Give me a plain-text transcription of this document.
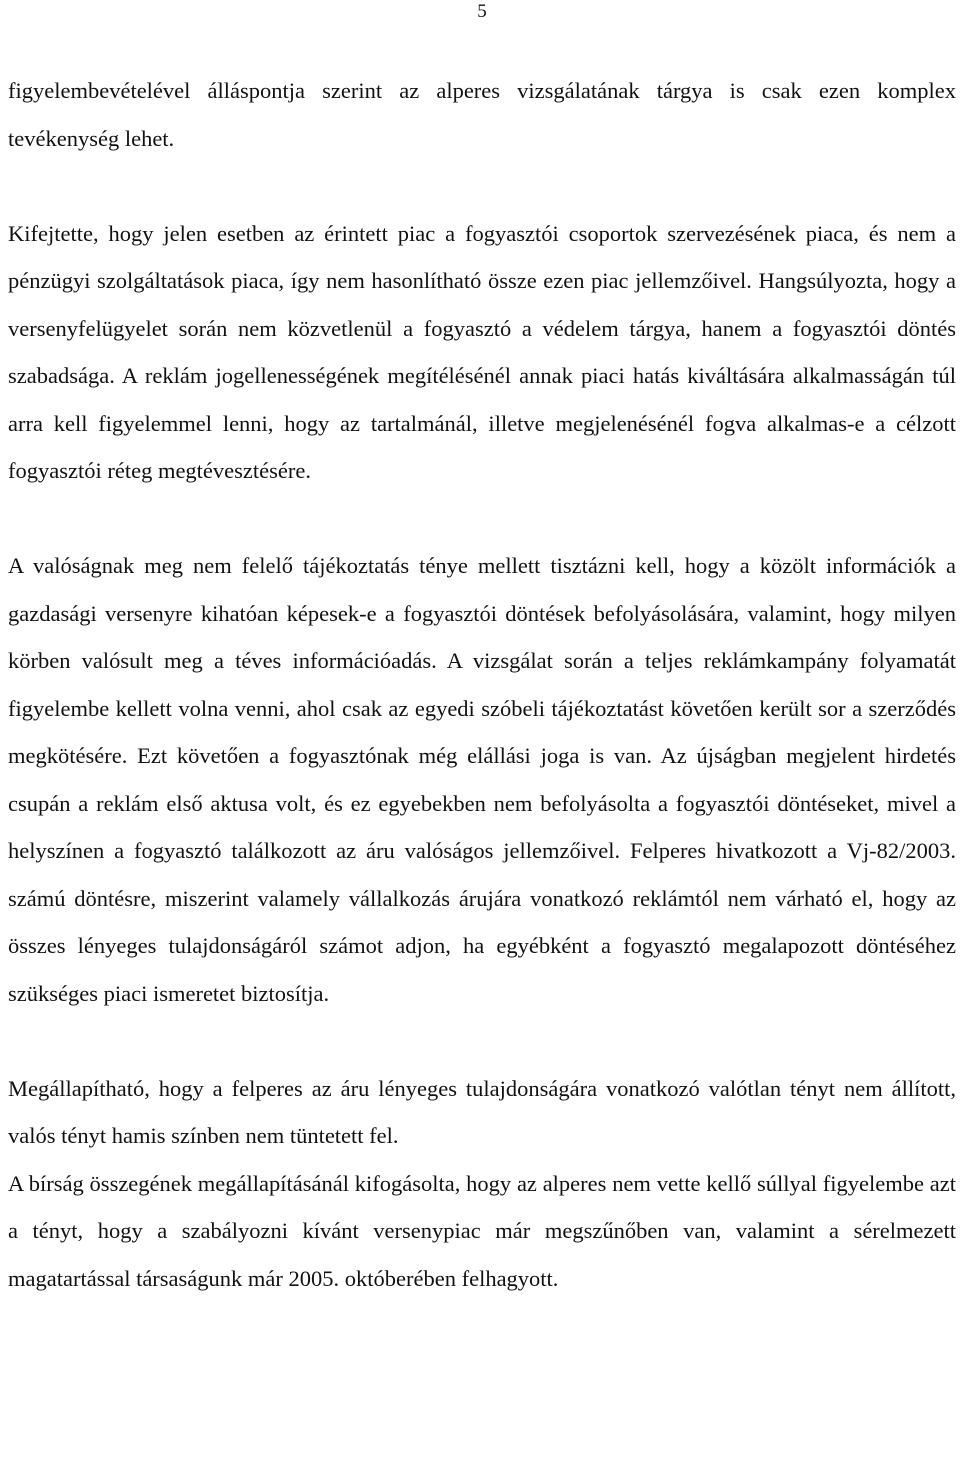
5

figyelembevételével álláspontja szerint az alperes vizsgálatának tárgya is csak ezen komplex tevékenység lehet.

Kifejtette, hogy jelen esetben az érintett piac a fogyasztói csoportok szervezésének piaca, és nem a pénzügyi szolgáltatások piaca, így nem hasonlítható össze ezen piac jellemzőivel. Hangsúlyozta, hogy a versenyfelügyelet során nem közvetlenül a fogyasztó a védelem tárgya, hanem a fogyasztói döntés szabadsága. A reklám jogellenességének megítélésénél annak piaci hatás kiváltására alkalmasságán túl arra kell figyelemmel lenni, hogy az tartalmánál, illetve megjelenésénél fogva alkalmas-e a célzott fogyasztói réteg megtévesztésére.

A valóságnak meg nem felelő tájékoztatás ténye mellett tisztázni kell, hogy a közölt információk a gazdasági versenyre kihatóan képesek-e a fogyasztói döntések befolyásolására, valamint, hogy milyen körben valósult meg a téves információadás. A vizsgálat során a teljes reklámkampány folyamatát figyelembe kellett volna venni, ahol csak az egyedi szóbeli tájékoztatást követően került sor a szerződés megkötésére. Ezt követően a fogyasztónak még elállási joga is van. Az újságban megjelent hirdetés csupán a reklám első aktusa volt, és ez egyebekben nem befolyásolta a fogyasztói döntéseket, mivel a helyszínen a fogyasztó találkozott az áru valóságos jellemzőivel. Felperes hivatkozott a Vj-82/2003. számú döntésre, miszerint valamely vállalkozás árujára vonatkozó reklámtól nem várható el, hogy az összes lényeges tulajdonságáról számot adjon, ha egyébként a fogyasztó megalapozott döntéséhez szükséges piaci ismeretet biztosítja.

Megállapítható, hogy a felperes az áru lényeges tulajdonságára vonatkozó valótlan tényt nem állított, valós tényt hamis színben nem tüntetett fel.

A bírság összegének megállapításánál kifogásolta, hogy az alperes nem vette kellő súllyal figyelembe azt a tényt, hogy a szabályozni kívánt versenypiac már megszűnőben van, valamint a sérelmezett magatartással társaságunk már 2005. októberében felhagyott.
